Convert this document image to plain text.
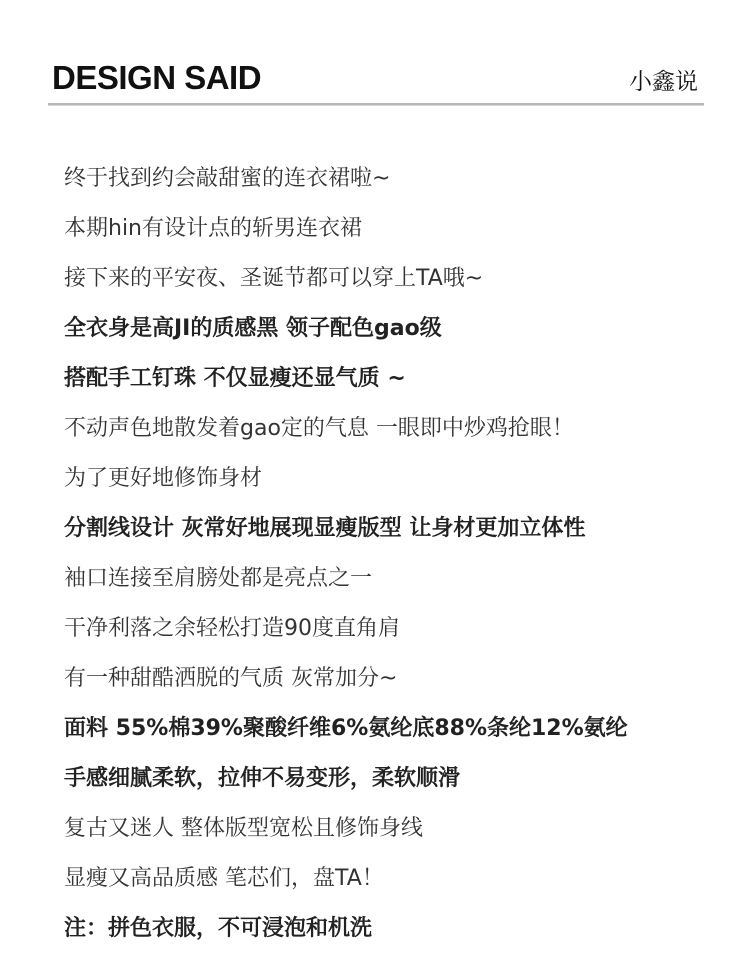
DESIGN SAID	小鑫说
终于找到约会敲甜蜜的连衣裙啦~
本期hin有设计点的斩男连衣裙
接下来的平安夜、圣诞节都可以穿上TA哦~
全衣身是高JI的质感黑 领子配色gao级
搭配手工钉珠 不仅显瘦还显气质 ~
不动声色地散发着gao定的气息 一眼即中炒鸡抢眼！
为了更好地修饰身材
分割线设计 灰常好地展现显瘦版型 让身材更加立体性
袖口连接至肩膀处都是亮点之一
干净利落之余轻松打造90度直角肩
有一种甜酷洒脱的气质 灰常加分~
面料 55%棉39%聚酸纤维6%氨纶底88%条纶12%氨纶
手感细腻柔软，拉伸不易变形，柔软顺滑
复古又迷人 整体版型宽松且修饰身线
显瘦又高品质感 笔芯们，盘TA！
注：拼色衣服，不可浸泡和机洗
